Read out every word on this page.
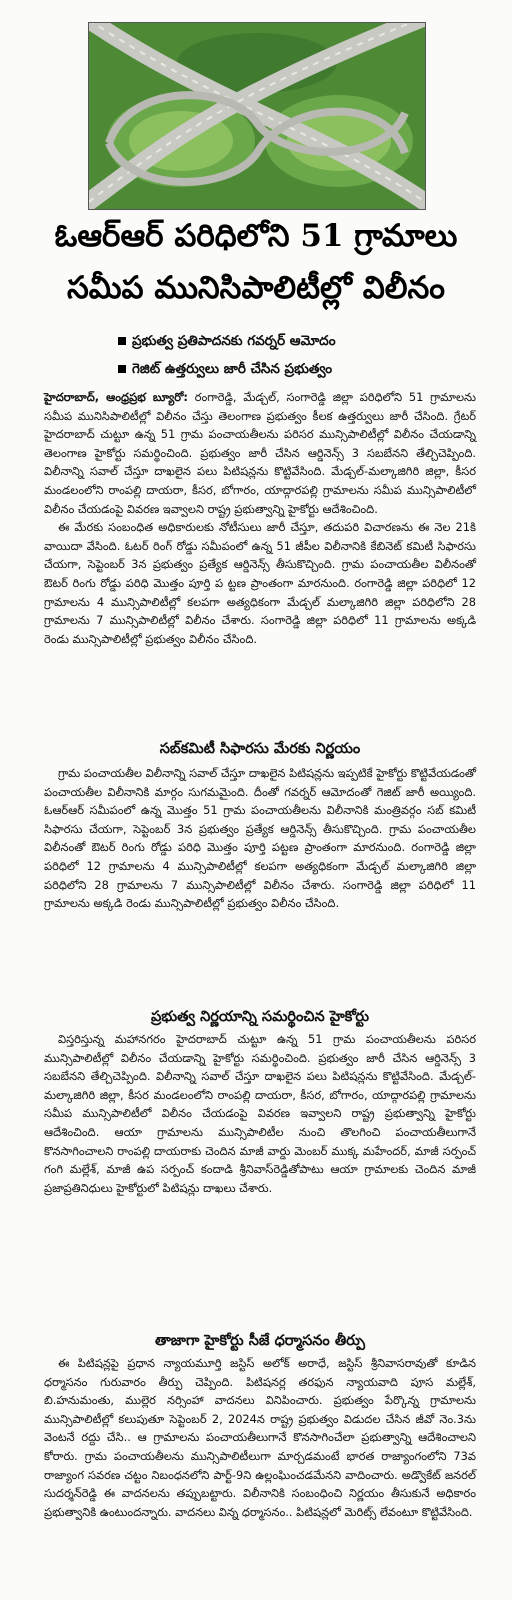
ఓఆర్ఆర్ పరిధిలోని 51 గ్రామాలు
సమీప మునిసిపాలిటీల్లో విలీనం
ప్రభుత్వ ప్రతిపాదనకు గవర్నర్ ఆమోదం
గెజిట్ ఉత్తర్వులు జారీ చేసిన ప్రభుత్వం

హైదరాబాద్, ఆంధ్రప్రభ బ్యూరో: రంగారెడ్డి, మేడ్చల్, సంగారెడ్డి జిల్లా పరిధిలోని 51 గ్రామాలను సమీప మునిసిపాలిటీల్లో విలీనం చేస్తు తెలంగాణ ప్రభుత్వం కీలక ఉత్తర్వులు జారీ చేసింది. గ్రేటర్ హైదరాబాద్ చుట్టూ ఉన్న 51 గ్రామ పంచాయతీలను పరిసర మున్సిపాలిటీల్లో విలీనం చేయడాన్ని తెలంగాణ హైకోర్టు సమర్థించింది. ప్రభుత్వం జారీ చేసిన ఆర్డినెన్స్ 3 సబబేనని తేల్చిచెప్పింది. విలీనాన్ని సవాల్ చేస్తూ దాఖలైన పలు పిటిషన్లను కొట్టివేసింది. మేడ్చల్-మల్కాజిగిరి జిల్లా, కీసర మండలంలోని రాంపల్లి దాయరా, కీసర, బోగారం, యాద్గారపల్లి గ్రామాలను సమీప మున్సిపాలిటీలో విలీనం చేయడంపై వివరణ ఇవ్వాలని రాష్ట్ర ప్రభుత్వాన్ని హైకోర్టు ఆదేశించింది.

ఈ మేరకు సంబంధిత అధికారులకు నోటీసులు జారీ చేస్తూ, తదుపరి విచారణను ఈ నెల 21కి వాయిదా వేసింది. ఓటర్ రింగ్ రోడ్డు సమీపంలో ఉన్న 51 జీపీల విలీనానికి కేబినెట్ కమిటీ సిఫారసు చేయగా, సెప్టెంబర్ 3న ప్రభుత్వం ప్రత్యేక ఆర్డినెన్స్ తీసుకొచ్చింది. గ్రామ పంచాయతీల విలీనంతో ఔటర్ రింగు రోడ్డు పరిధి మొత్తం పూర్తి ప ట్టణ ప్రాంతంగా మారనుంది. రంగారెడ్డి జిల్లా పరిధిలో 12 గ్రామాలను 4 మున్సిపాలిటీల్లో కలపగా అత్యధికంగా మేడ్చల్ మల్కాజిగిరి జిల్లా పరిధిలోని 28 గ్రామాలను 7 మున్సిపాలిటీల్లో విలీనం చేశారు. సంగారెడ్డి జిల్లా పరిధిలో 11 గ్రామాలను అక్కడి రెండు మున్సిపాలిటీల్లో ప్రభుత్వం విలీనం చేసింది.

సబ్‌కమిటీ సిఫారసు మేరకు నిర్ణయం

గ్రామ పంచాయతీల విలీనాన్ని సవాల్ చేస్తూ దాఖలైన పిటిషన్లను ఇప్పటికే హైకోర్టు కొట్టివేయడంతో పంచాయతీల విలీనానికి మార్గం సుగమమైంది. దీంతో గవర్నర్ ఆమోదంతో గెజిట్ జారీ అయ్యింది. ఓఆర్ఆర్ సమీపంలో ఉన్న మొత్తం 51 గ్రామ పంచాయతీలను విలీనానికి మంత్రివర్గం సబ్ కమిటీ సిఫారసు చేయగా, సెప్టెంబర్ 3న ప్రభుత్వం ప్రత్యేక ఆర్డినెన్స్ తీసుకొచ్చింది. గ్రామ పంచాయతీల విలీనంతో ఔటర్ రింగు రోడ్డు పరిధి మొత్తం పూర్తి పట్టణ ప్రాంతంగా మారనుంది. రంగారెడ్డి జిల్లా పరిధిలో 12 గ్రామాలను 4 మున్సిపాలిటీల్లో కలపగా అత్యధికంగా మేడ్చల్ మల్కాజిగిరి జిల్లా పరిధిలోని 28 గ్రామాలను 7 మున్సిపాలిటీల్లో విలీనం చేశారు. సంగారెడ్డి జిల్లా పరిధిలో 11 గ్రామాలను అక్కడి రెండు మున్సిపాలిటీల్లో ప్రభుత్వం విలీనం చేసింది.

ప్రభుత్వ నిర్ణయాన్ని సమర్థించిన హైకోర్టు

విస్తరిస్తున్న మహానగరం హైదరాబాద్ చుట్టూ ఉన్న 51 గ్రామ పంచాయతీలను పరిసర మున్సిపాలిటీల్లో విలీనం చేయడాన్ని హైకోర్టు సమర్థించింది. ప్రభుత్వం జారీ చేసిన ఆర్డినెన్స్ 3 సబబేనని తేల్చిచెప్పింది. విలీనాన్ని సవాల్ చేస్తూ దాఖలైన పలు పిటిషన్లను కొట్టివేసింది. మేడ్చల్-మల్కాజిగిరి జిల్లా, కీసర మండలంలోని రాంపల్లి దాయరా, కీసర, బోగారం, యాద్గారపల్లి గ్రామాలను సమీప మున్సిపాలిటీలో విలీనం చేయడంపై వివరణ ఇవ్వాలని రాష్ట్ర ప్రభుత్వాన్ని హైకోర్టు ఆదేశించింది. ఆయా గ్రామాలను మున్సిపాలిటీల నుంచి తొలగించి పంచాయతీలుగానే కొనసాగించాలని రాంపల్లి దాయరాకు చెందిన మాజీ వార్డు మెంబర్ ముక్క మహేందర్, మాజీ సర్పంచ్ గంగి మల్లేశ్, మాజీ ఉప సర్పంచ్ కందాడి శ్రీనివాస్‌రెడ్డితోపాటు ఆయా గ్రామాలకు చెందిన మాజీ ప్రజాప్రతినిధులు హైకోర్టులో పిటిషన్లు దాఖలు చేశారు.

తాజాగా హైకోర్టు సీజే ధర్మాసనం తీర్పు

ఈ పిటిషన్లపై ప్రధాన న్యాయమూర్తి జస్టిస్ అలోక్ అరాధే, జస్టిస్ శ్రీనివాసరావుతో కూడిన ధర్మాసనం గురువారం తీర్పు చెప్పింది. పిటిషనర్ల తరఫున న్యాయవాది పూస మల్లేశ్, బి.హనుమంతు, ముల్లెర నర్సింహా వాదనలు వినిపించారు. ప్రభుత్వం పేర్కొన్న గ్రామాలను మున్సిపాలిటీల్లో కలుపుతూ సెప్టెంబర్ 2, 2024న రాష్ట్ర ప్రభుత్వం విడుదల చేసిన జీవో నెం.3ను వెంటనే రద్దు చేసి.. ఆ గ్రామాలను పంచాయతీలుగానే కొనసాగించేలా ప్రభుత్వాన్ని ఆదేశించాలని కోరారు. గ్రామ పంచాయతీలను మున్సిపాలిటీలుగా మార్చడమంటే భారత రాజ్యాంగంలోని 73వ రాజ్యాంగ సవరణ చట్టం నిబంధనలోని పార్ట్-9ని ఉల్లంఘించడమేనని వాదించారు. అడ్వొకేట్ జనరల్ సుదర్శన్‌రెడ్డి ఈ వాదనలను తప్పుబట్టారు. విలీనానికి సంబంధించి నిర్ణయం తీసుకునే అధికారం ప్రభుత్వానికి ఉంటుందన్నారు. వాదనలు విన్న ధర్మాసనం.. పిటిషన్లలో మెరిట్స్ లేవంటూ కొట్టివేసింది.
